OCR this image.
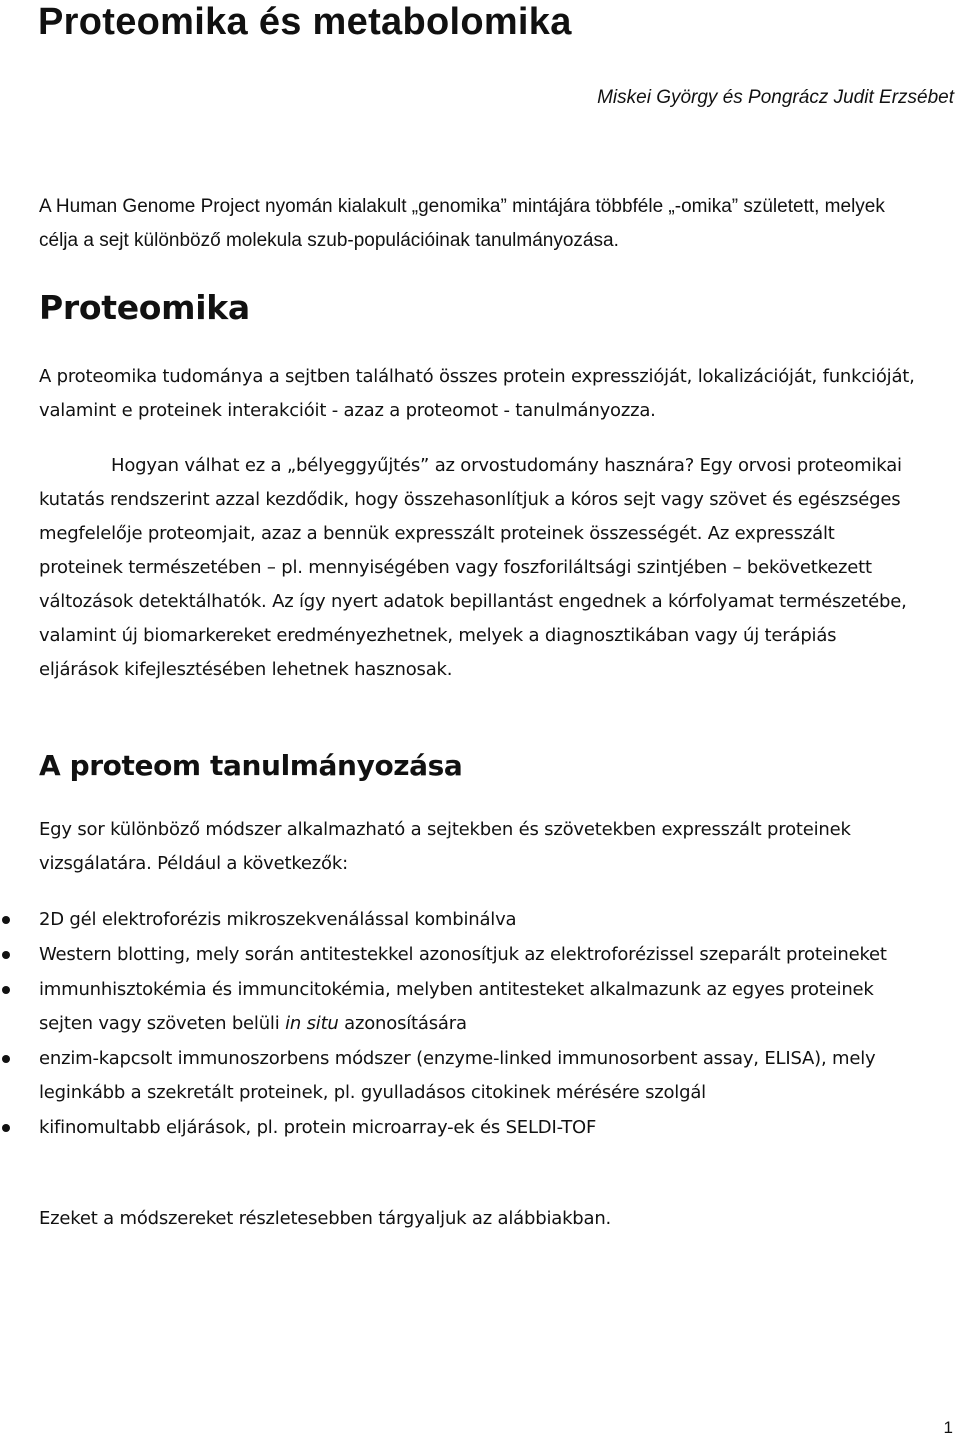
Proteomika és metabolomika

Miskei György és Pongrácz Judit Erzsébet

A Human Genome Project nyomán kialakult „genomika” mintájára többféle „-omika” született, melyek célja a sejt különböző molekula szub-populációinak tanulmányozása.

Proteomika

A proteomika tudománya a sejtben található összes protein expresszióját, lokalizációját, funkcióját, valamint e proteinek interakcióit - azaz a proteomot - tanulmányozza.

Hogyan válhat ez a „bélyeggyűjtés” az orvostudomány hasznára? Egy orvosi proteomikai kutatás rendszerint azzal kezdődik, hogy összehasonlítjuk a kóros sejt vagy szövet és egészséges megfelelője proteomjait, azaz a bennük expresszált proteinek összességét. Az expresszált proteinek természetében – pl. mennyiségében vagy foszforiláltsági szintjében – bekövetkezett változások detektálhatók. Az így nyert adatok bepillantást engednek a kórfolyamat természetébe, valamint új biomarkereket eredményezhetnek, melyek a diagnosztikában vagy új terápiás eljárások kifejlesztésében lehetnek hasznosak.

A proteom tanulmányozása

Egy sor különböző módszer alkalmazható a sejtekben és szövetekben expresszált proteinek vizsgálatára. Például a következők:

2D gél elektroforézis mikroszekvenálással kombinálva
Western blotting, mely során antitestekkel azonosítjuk az elektroforézissel szeparált proteineket
immunhisztokémia és immuncitokémia, melyben antitesteket alkalmazunk az egyes proteinek sejten vagy szöveten belüli in situ azonosítására
enzim-kapcsolt immunoszorbens módszer (enzyme-linked immunosorbent assay, ELISA), mely leginkább a szekretált proteinek, pl. gyulladásos citokinek mérésére szolgál
kifinomultabb eljárások, pl. protein microarray-ek és SELDI-TOF

Ezeket a módszereket részletesebben tárgyaljuk az alábbiakban.

1
